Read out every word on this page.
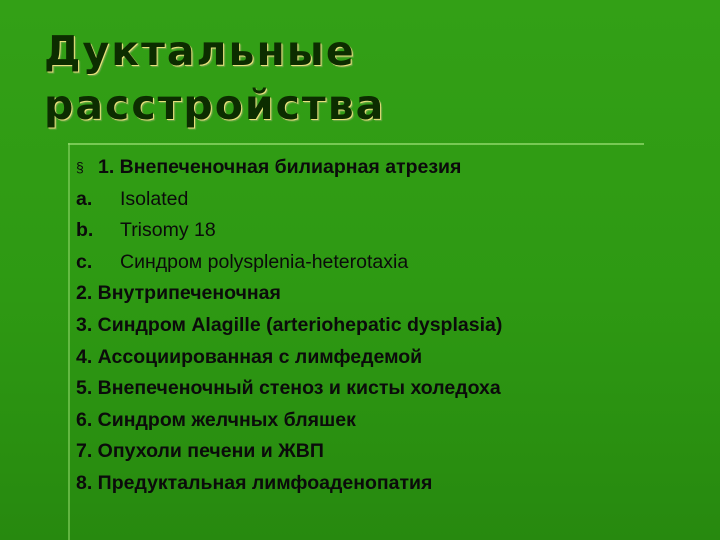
Дуктальные
расстройства
§ 1. Внепеченочная билиарная атрезия
a. Isolated
b. Trisomy 18
c. Синдром polysplenia-heterotaxia
2. Внутрипеченочная
3. Синдром Alagille (arteriohepatic dysplasia)
4. Ассоциированная с лимфедемой
5. Внепеченочный стеноз и кисты холедоха
6. Синдром желчных бляшек
7. Опухоли печени и ЖВП
8. Предуктальная лимфоаденопатия
